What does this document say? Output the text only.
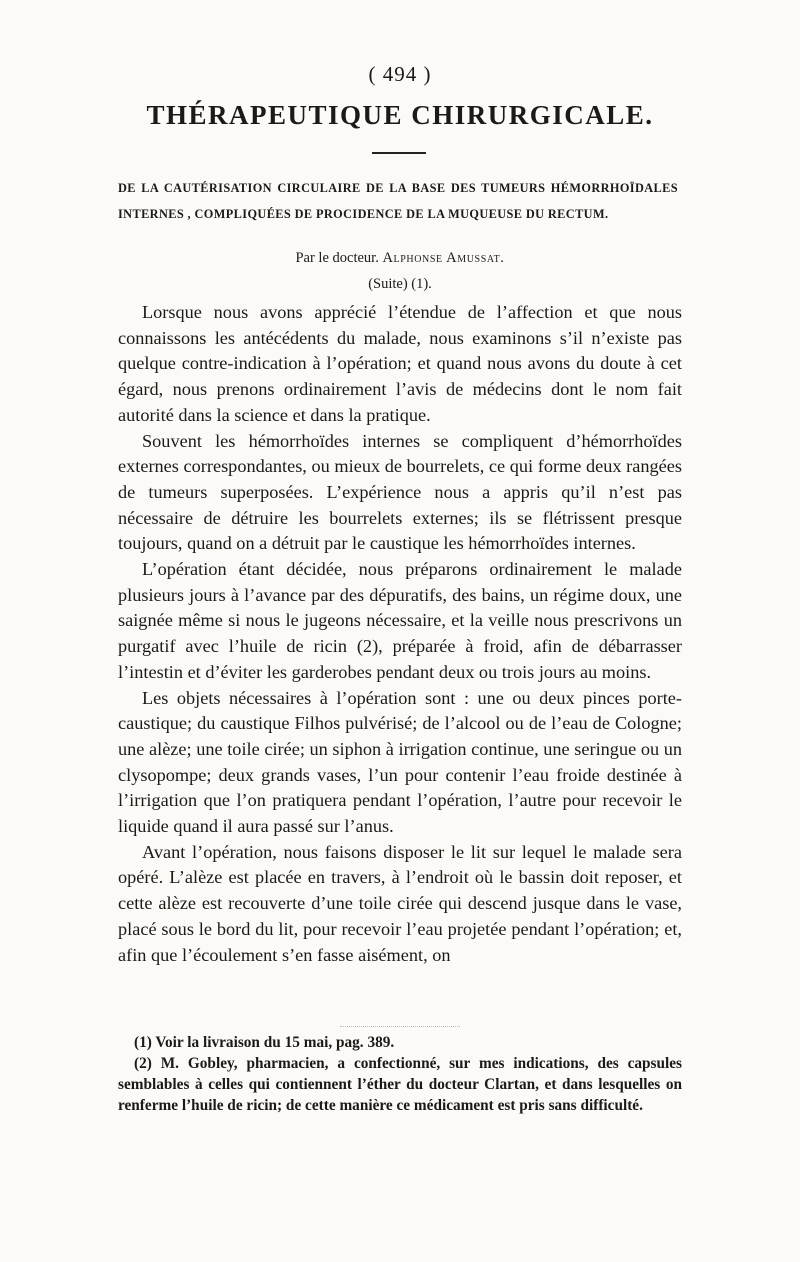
( 494 )
THÉRAPEUTIQUE CHIRURGICALE.
DE LA CAUTÉRISATION CIRCULAIRE DE LA BASE DES TUMEURS HÉMORRHOÏDALES INTERNES , COMPLIQUÉES DE PROCIDENCE DE LA MUQUEUSE DU RECTUM.
Par le docteur. Alphonse Amussat.
(Suite) (1).

Lorsque nous avons apprécié l’étendue de l’affection et que nous connaissons les antécédents du malade, nous examinons s’il n’existe pas quelque contre-indication à l’opération; et quand nous avons du doute à cet égard, nous prenons ordinairement l’avis de médecins dont le nom fait autorité dans la science et dans la pratique.

Souvent les hémorrhoïdes internes se compliquent d’hémorrhoïdes externes correspondantes, ou mieux de bourrelets, ce qui forme deux rangées de tumeurs superposées. L’expérience nous a appris qu’il n’est pas nécessaire de détruire les bourrelets externes; ils se flétrissent presque toujours, quand on a détruit par le caustique les hémorrhoïdes internes.

L’opération étant décidée, nous préparons ordinairement le malade plusieurs jours à l’avance par des dépuratifs, des bains, un régime doux, une saignée même si nous le jugeons nécessaire, et la veille nous prescrivons un purgatif avec l’huile de ricin (2), préparée à froid, afin de débarrasser l’intestin et d’éviter les garderobes pendant deux ou trois jours au moins.

Les objets nécessaires à l’opération sont : une ou deux pinces porte-caustique; du caustique Filhos pulvérisé; de l’alcool ou de l’eau de Cologne; une alèze; une toile cirée; un siphon à irrigation continue, une seringue ou un clysopompe; deux grands vases, l’un pour contenir l’eau froide destinée à l’irrigation que l’on pratiquera pendant l’opération, l’autre pour recevoir le liquide quand il aura passé sur l’anus.

Avant l’opération, nous faisons disposer le lit sur lequel le malade sera opéré. L’alèze est placée en travers, à l’endroit où le bassin doit reposer, et cette alèze est recouverte d’une toile cirée qui descend jusque dans le vase, placé sous le bord du lit, pour recevoir l’eau projetée pendant l’opération; et, afin que l’écoulement s’en fasse aisément, on

(1) Voir la livraison du 15 mai, pag. 389.

(2) M. Gobley, pharmacien, a confectionné, sur mes indications, des capsules semblables à celles qui contiennent l’éther du docteur Clartan, et dans lesquelles on renferme l’huile de ricin; de cette manière ce médicament est pris sans difficulté.
